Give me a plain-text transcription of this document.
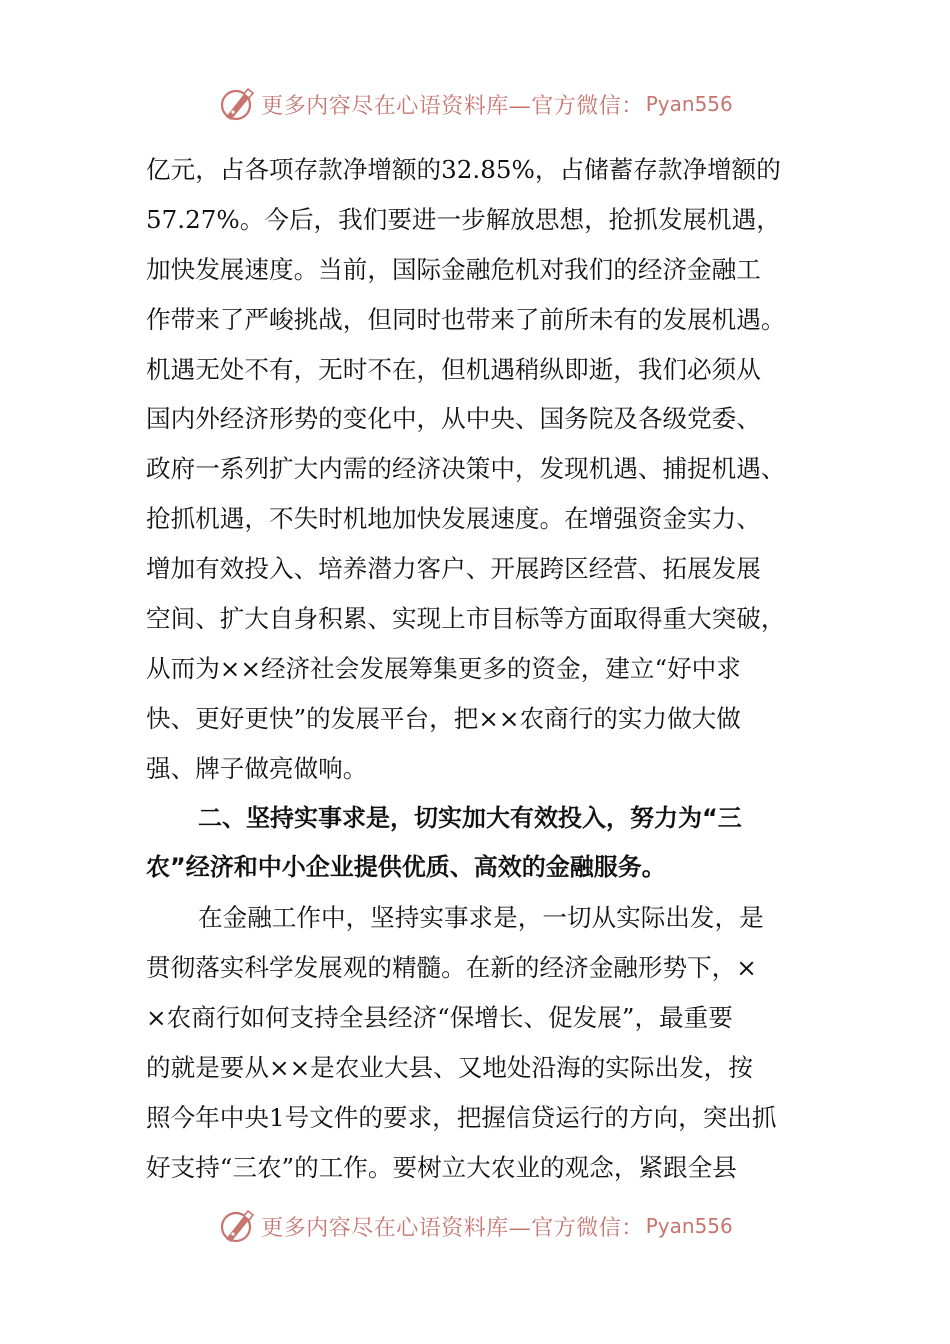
更多内容尽在心语资料库—官方微信： Pyan556
亿元，占各项存款净增额的32.85%，占储蓄存款净增额的
57.27%。今后，我们要进一步解放思想，抢抓发展机遇，
加快发展速度。当前，国际金融危机对我们的经济金融工
作带来了严峻挑战，但同时也带来了前所未有的发展机遇。
机遇无处不有，无时不在，但机遇稍纵即逝，我们必须从
国内外经济形势的变化中，从中央、国务院及各级党委、
政府一系列扩大内需的经济决策中，发现机遇、捕捉机遇、
抢抓机遇，不失时机地加快发展速度。在增强资金实力、
增加有效投入、培养潜力客户、开展跨区经营、拓展发展
空间、扩大自身积累、实现上市目标等方面取得重大突破，
从而为××经济社会发展筹集更多的资金，建立“好中求
快、更好更快”的发展平台，把××农商行的实力做大做
强、牌子做亮做响。
二、坚持实事求是，切实加大有效投入，努力为“三
农”经济和中小企业提供优质、高效的金融服务。
在金融工作中，坚持实事求是，一切从实际出发，是
贯彻落实科学发展观的精髓。在新的经济金融形势下，×
×农商行如何支持全县经济“保增长、促发展”，最重要
的就是要从××是农业大县、又地处沿海的实际出发，按
照今年中央1号文件的要求，把握信贷运行的方向，突出抓
好支持“三农”的工作。要树立大农业的观念，紧跟全县
更多内容尽在心语资料库—官方微信： Pyan556
